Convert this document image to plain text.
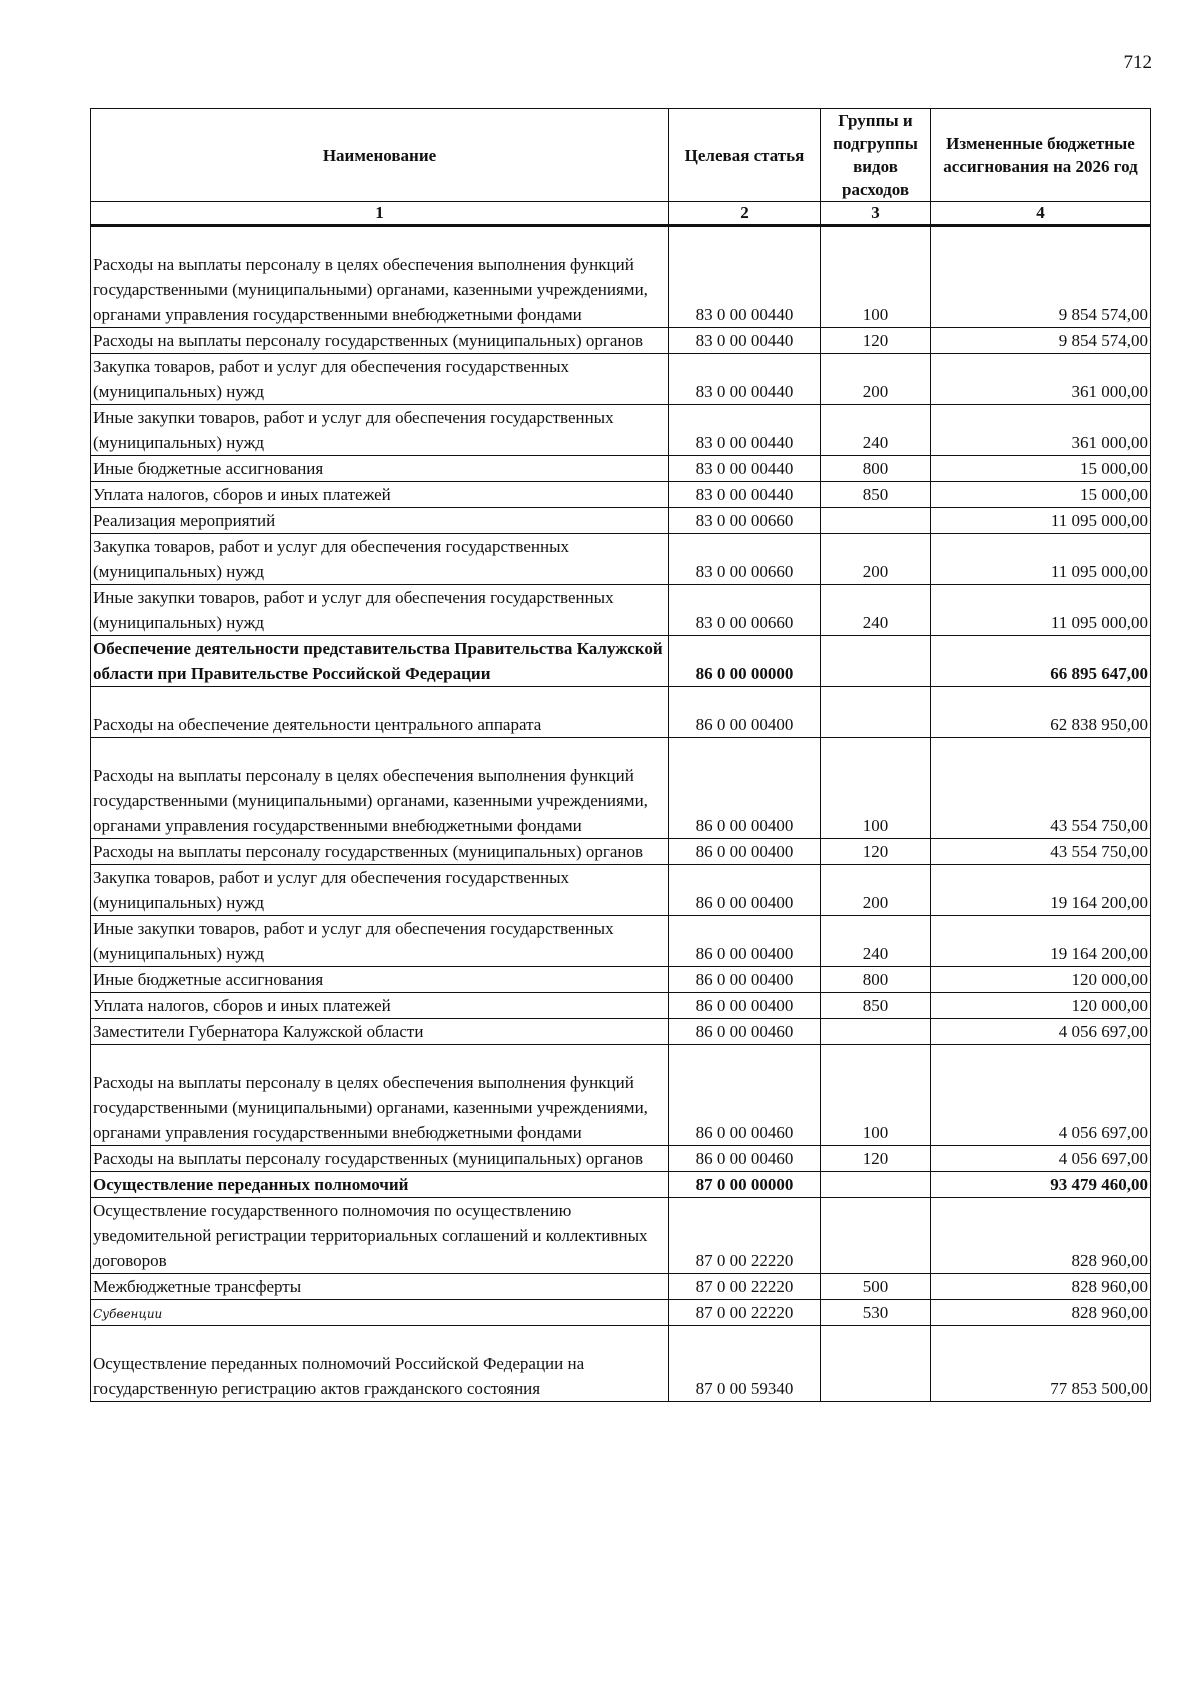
712
Наименование	Целевая статья	Группы и подгруппы видов расходов	Измененные бюджетные ассигнования на 2026 год
1	2	3	4
Расходы на выплаты персоналу в целях обеспечения выполнения функций государственными (муниципальными) органами, казенными учреждениями, органами управления государственными внебюджетными фондами	83 0 00 00440	100	9 854 574,00
Расходы на выплаты персоналу государственных (муниципальных) органов	83 0 00 00440	120	9 854 574,00
Закупка товаров, работ и услуг для обеспечения государственных (муниципальных) нужд	83 0 00 00440	200	361 000,00
Иные закупки товаров, работ и услуг для обеспечения государственных (муниципальных) нужд	83 0 00 00440	240	361 000,00
Иные бюджетные ассигнования	83 0 00 00440	800	15 000,00
Уплата налогов, сборов и иных платежей	83 0 00 00440	850	15 000,00
Реализация мероприятий	83 0 00 00660		11 095 000,00
Закупка товаров, работ и услуг для обеспечения государственных (муниципальных) нужд	83 0 00 00660	200	11 095 000,00
Иные закупки товаров, работ и услуг для обеспечения государственных (муниципальных) нужд	83 0 00 00660	240	11 095 000,00
Обеспечение деятельности представительства Правительства Калужской области при Правительстве Российской Федерации	86 0 00 00000		66 895 647,00
Расходы на обеспечение деятельности центрального аппарата	86 0 00 00400		62 838 950,00
Расходы на выплаты персоналу в целях обеспечения выполнения функций государственными (муниципальными) органами, казенными учреждениями, органами управления государственными внебюджетными фондами	86 0 00 00400	100	43 554 750,00
Расходы на выплаты персоналу государственных (муниципальных) органов	86 0 00 00400	120	43 554 750,00
Закупка товаров, работ и услуг для обеспечения государственных (муниципальных) нужд	86 0 00 00400	200	19 164 200,00
Иные закупки товаров, работ и услуг для обеспечения государственных (муниципальных) нужд	86 0 00 00400	240	19 164 200,00
Иные бюджетные ассигнования	86 0 00 00400	800	120 000,00
Уплата налогов, сборов и иных платежей	86 0 00 00400	850	120 000,00
Заместители Губернатора Калужской области	86 0 00 00460		4 056 697,00
Расходы на выплаты персоналу в целях обеспечения выполнения функций государственными (муниципальными) органами, казенными учреждениями, органами управления государственными внебюджетными фондами	86 0 00 00460	100	4 056 697,00
Расходы на выплаты персоналу государственных (муниципальных) органов	86 0 00 00460	120	4 056 697,00
Осуществление переданных полномочий	87 0 00 00000		93 479 460,00
Осуществление государственного полномочия по осуществлению уведомительной регистрации территориальных соглашений и коллективных договоров	87 0 00 22220		828 960,00
Межбюджетные трансферты	87 0 00 22220	500	828 960,00
Субвенции	87 0 00 22220	530	828 960,00
Осуществление переданных полномочий Российской Федерации на государственную регистрацию актов гражданского состояния	87 0 00 59340		77 853 500,00
